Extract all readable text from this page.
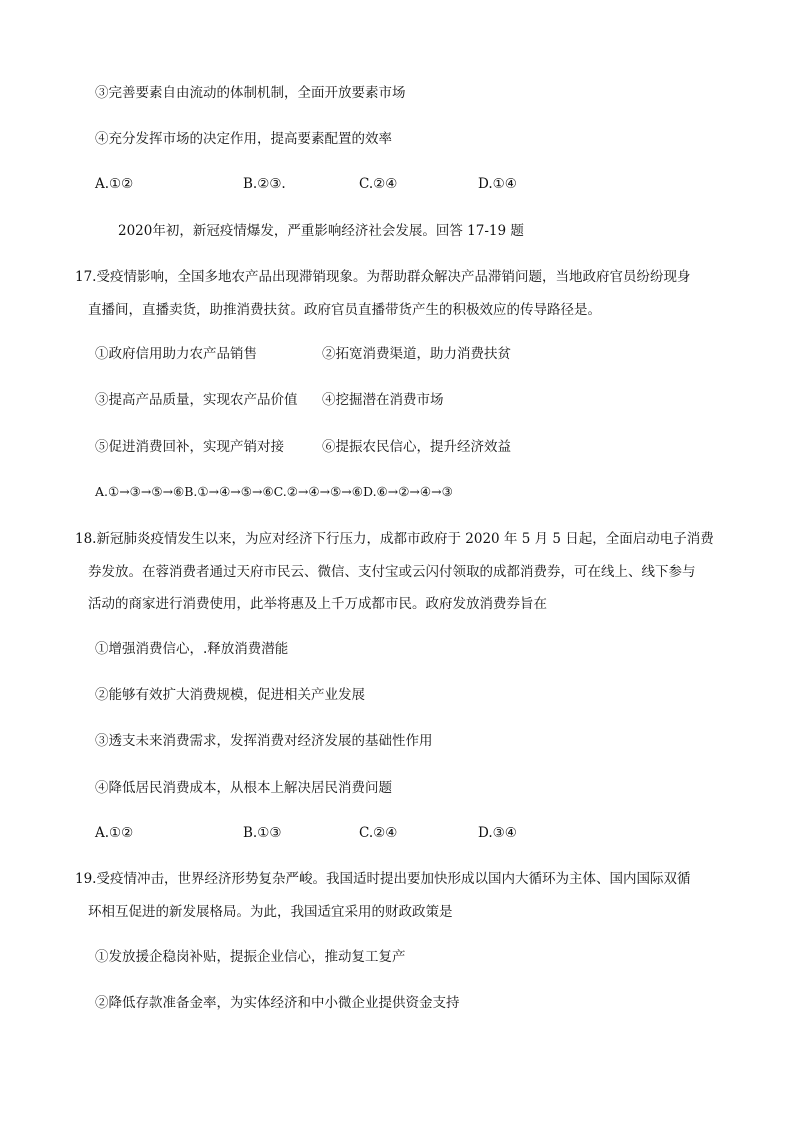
③完善要素自由流动的体制机制，全面开放要素市场
④充分发挥市场的决定作用，提高要素配置的效率
A.①②	B.②③.	C.②④	D.①④
2020年初，新冠疫情爆发，严重影响经济社会发展。回答 17-19 题
17.受疫情影响，全国多地农产品出现滞销现象。为帮助群众解决产品滞销问题，当地政府官员纷纷现身
直播间，直播卖货，助推消费扶贫。政府官员直播带货产生的积极效应的传导路径是。
①政府信用助力农产品销售	②拓宽消费渠道，助力消费扶贫
③提高产品质量，实现农产品价值 ④挖掘潜在消费市场
⑤促进消费回补，实现产销对接	⑥提振农民信心，提升经济效益
A.①→③→⑤→⑥B.①→④→⑤→⑥C.②→④→⑤→⑥D.⑥→②→④→③
18.新冠肺炎疫情发生以来，为应对经济下行压力，成都市政府于 2020 年 5 月 5 日起，全面启动电子消费
券发放。在蓉消费者通过天府市民云、微信、支付宝或云闪付领取的成都消费券，可在线上、线下参与
活动的商家进行消费使用，此举将惠及上千万成都市民。政府发放消费券旨在
①增强消费信心，.释放消费潜能
②能够有效扩大消费规模，促进相关产业发展
③透支未来消费需求，发挥消费对经济发展的基础性作用
④降低居民消费成本，从根本上解决居民消费问题
A.①②	B.①③	C.②④	D.③④
19.受疫情冲击，世界经济形势复杂严峻。我国适时提出要加快形成以国内大循环为主体、国内国际双循
环相互促进的新发展格局。为此，我国适宜采用的财政政策是
①发放援企稳岗补贴，提振企业信心，推动复工复产
②降低存款准备金率，为实体经济和中小微企业提供资金支持
